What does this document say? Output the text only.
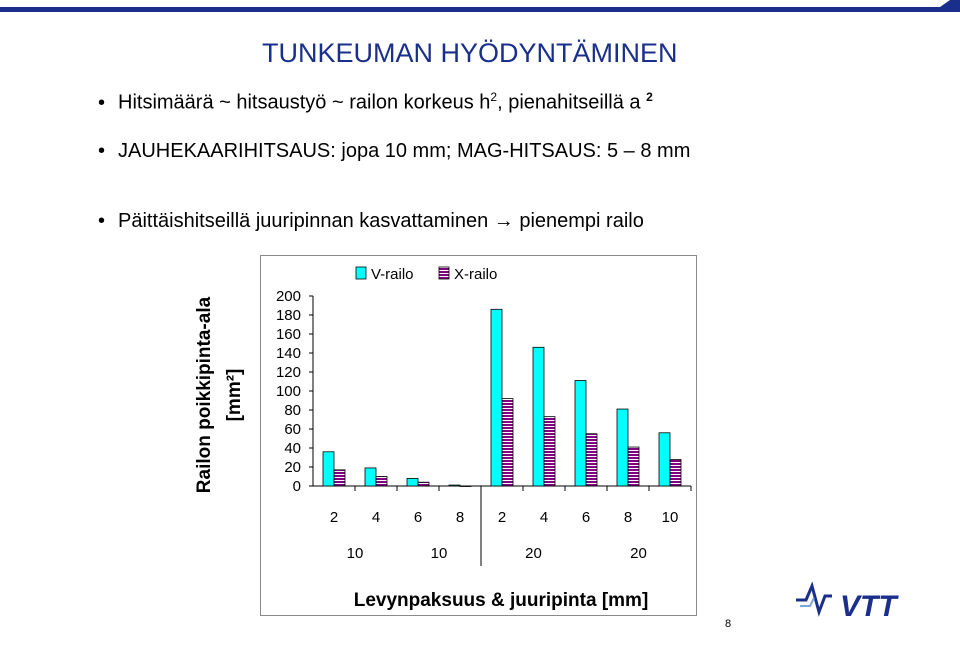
TUNKEUMAN HYÖDYNTÄMINEN
• Hitsimäärä ~ hitsaustyö ~ railon korkeus $h^2$, pienahitseillä a $^2$
• JAUHEKAARIHITSAUS: jopa 10 mm; MAG-HITSAUS: 5 – 8 mm
• Päittäishitseillä juuripinnan kasvattaminen → pienempi railo
Railon poikkipinta-ala [mm²]
200
180
160
140
120
100
80
60
40
20
0
2 4 6 8 2 4 6 8 10
10	10	20	20
Levynpaksuus & juuripinta [mm]
V-railo	X-railo
8
VTT
